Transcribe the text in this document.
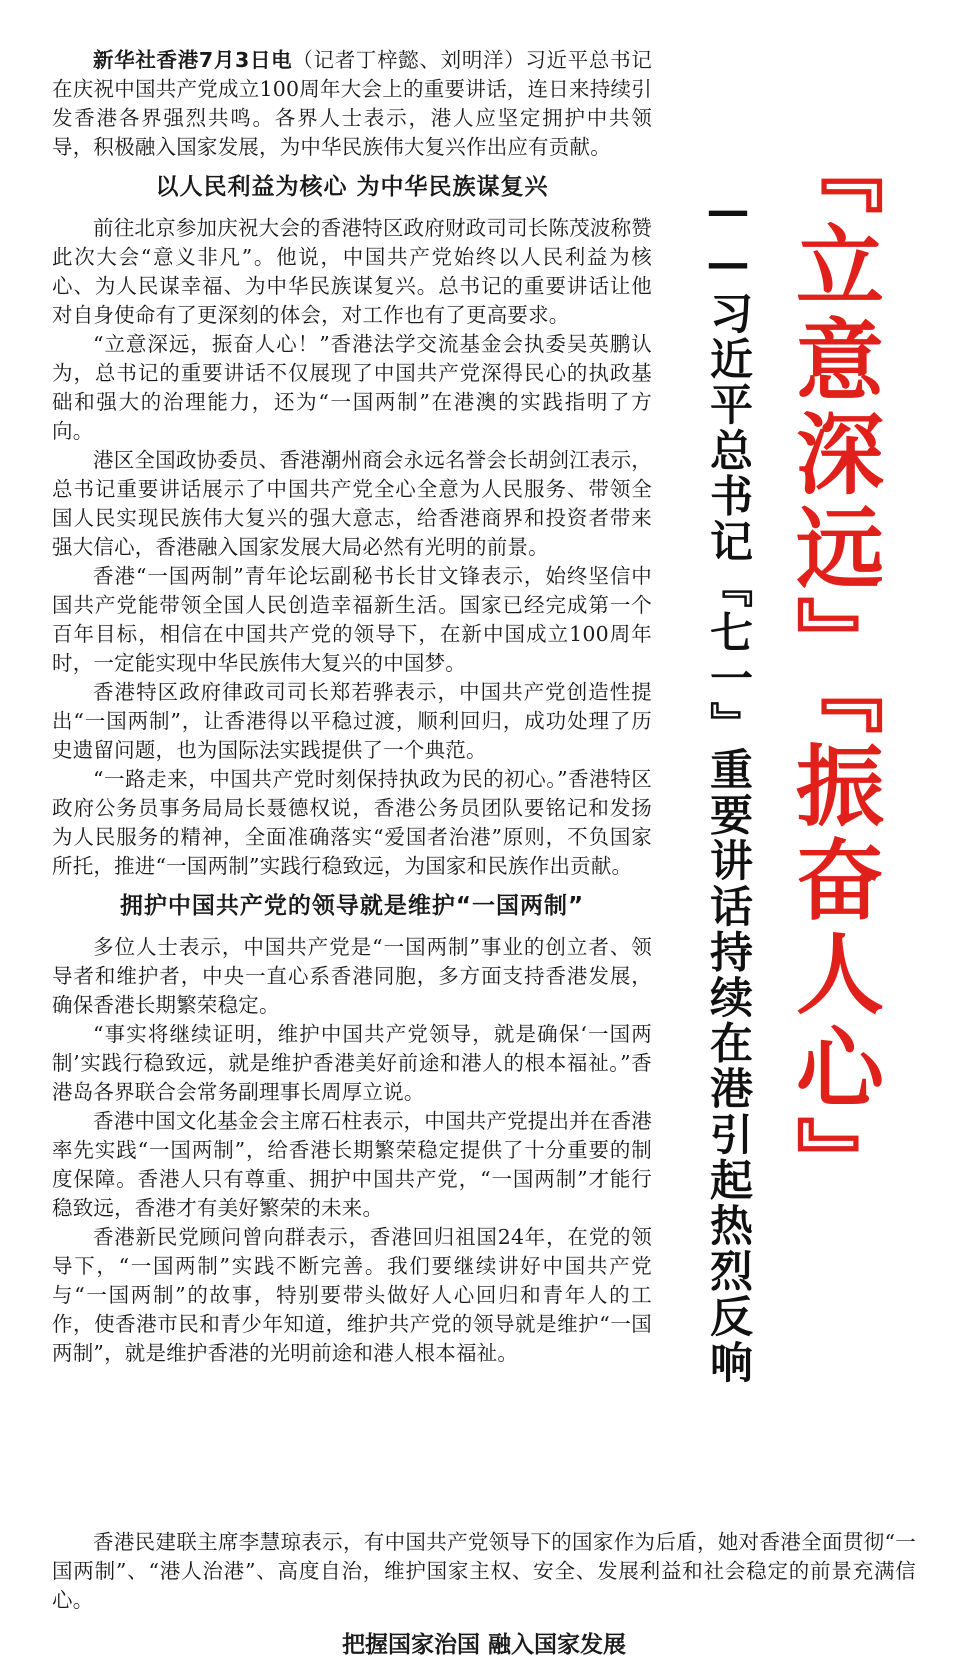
新华社香港7月3日电（记者丁梓懿、刘明洋）习近平总书记在庆祝中国共产党成立100周年大会上的重要讲话，连日来持续引发香港各界强烈共鸣。各界人士表示，港人应坚定拥护中共领导，积极融入国家发展，为中华民族伟大复兴作出应有贡献。

以人民利益为核心 为中华民族谋复兴

前往北京参加庆祝大会的香港特区政府财政司司长陈茂波称赞此次大会“意义非凡”。他说，中国共产党始终以人民利益为核心、为人民谋幸福、为中华民族谋复兴。总书记的重要讲话让他对自身使命有了更深刻的体会，对工作也有了更高要求。

“立意深远，振奋人心！”香港法学交流基金会执委吴英鹏认为，总书记的重要讲话不仅展现了中国共产党深得民心的执政基础和强大的治理能力，还为“一国两制”在港澳的实践指明了方向。

港区全国政协委员、香港潮州商会永远名誉会长胡剑江表示，总书记重要讲话展示了中国共产党全心全意为人民服务、带领全国人民实现民族伟大复兴的强大意志，给香港商界和投资者带来强大信心，香港融入国家发展大局必然有光明的前景。

香港“一国两制”青年论坛副秘书长甘文锋表示，始终坚信中国共产党能带领全国人民创造幸福新生活。国家已经完成第一个百年目标，相信在中国共产党的领导下，在新中国成立100周年时，一定能实现中华民族伟大复兴的中国梦。

香港特区政府律政司司长郑若骅表示，中国共产党创造性提出“一国两制”，让香港得以平稳过渡，顺利回归，成功处理了历史遗留问题，也为国际法实践提供了一个典范。

“一路走来，中国共产党时刻保持执政为民的初心。”香港特区政府公务员事务局局长聂德权说，香港公务员团队要铭记和发扬为人民服务的精神，全面准确落实“爱国者治港”原则，不负国家所托，推进“一国两制”实践行稳致远，为国家和民族作出贡献。

拥护中国共产党的领导就是维护“一国两制”

多位人士表示，中国共产党是“一国两制”事业的创立者、领导者和维护者，中央一直心系香港同胞，多方面支持香港发展，确保香港长期繁荣稳定。

“事实将继续证明，维护中国共产党领导，就是确保‘一国两制’实践行稳致远，就是维护香港美好前途和港人的根本福祉。”香港岛各界联合会常务副理事长周厚立说。

香港中国文化基金会主席石柱表示，中国共产党提出并在香港率先实践“一国两制”，给香港长期繁荣稳定提供了十分重要的制度保障。香港人只有尊重、拥护中国共产党，“一国两制”才能行稳致远，香港才有美好繁荣的未来。

香港新民党顾问曾向群表示，香港回归祖国24年，在党的领导下，“一国两制”实践不断完善。我们要继续讲好中国共产党与“一国两制”的故事，特别要带头做好人心回归和青年人的工作，使香港市民和青少年知道，维护共产党的领导就是维护“一国两制”，就是维护香港的光明前途和港人根本福祉。

香港民建联主席李慧琼表示，有中国共产党领导下的国家作为后盾，她对香港全面贯彻“一国两制”、“港人治港”、高度自治，维护国家主权、安全、发展利益和社会稳定的前景充满信心。

把握国家治国 融入国家发展
——习近平总书记『七一』重要讲话持续在港引起热烈反响 『立意深远』『振奋人心』
